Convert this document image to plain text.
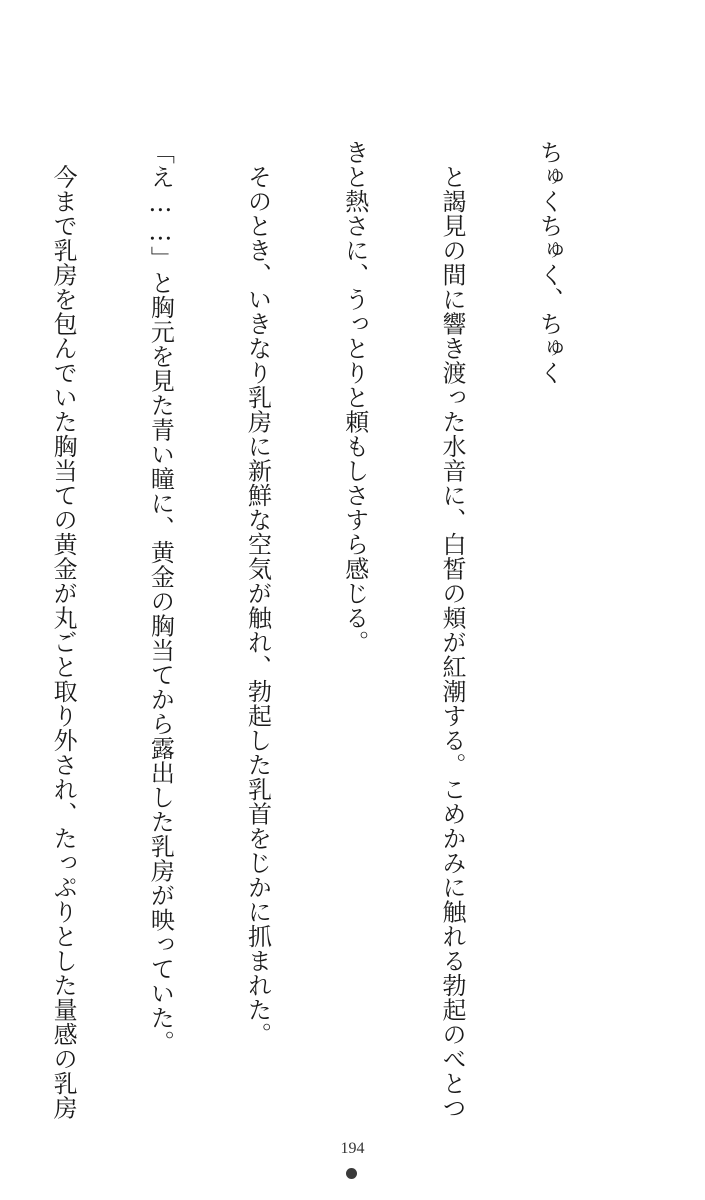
ちゅくちゅく、ちゅく

　と謁見の間に響き渡った水音に、白皙の頬が紅潮する。こめかみに触れる勃起のべとつ

きと熱さに、うっとりと頼もしさすら感じる。

　そのとき、いきなり乳房に新鮮な空気が触れ、勃起した乳首をじかに抓まれた。

「え……」と胸元を見た青い瞳に、黄金の胸当てから露出した乳房が映っていた。

　今まで乳房を包んでいた胸当ての黄金が丸ごと取り外され、たっぷりとした量感の乳房

194
